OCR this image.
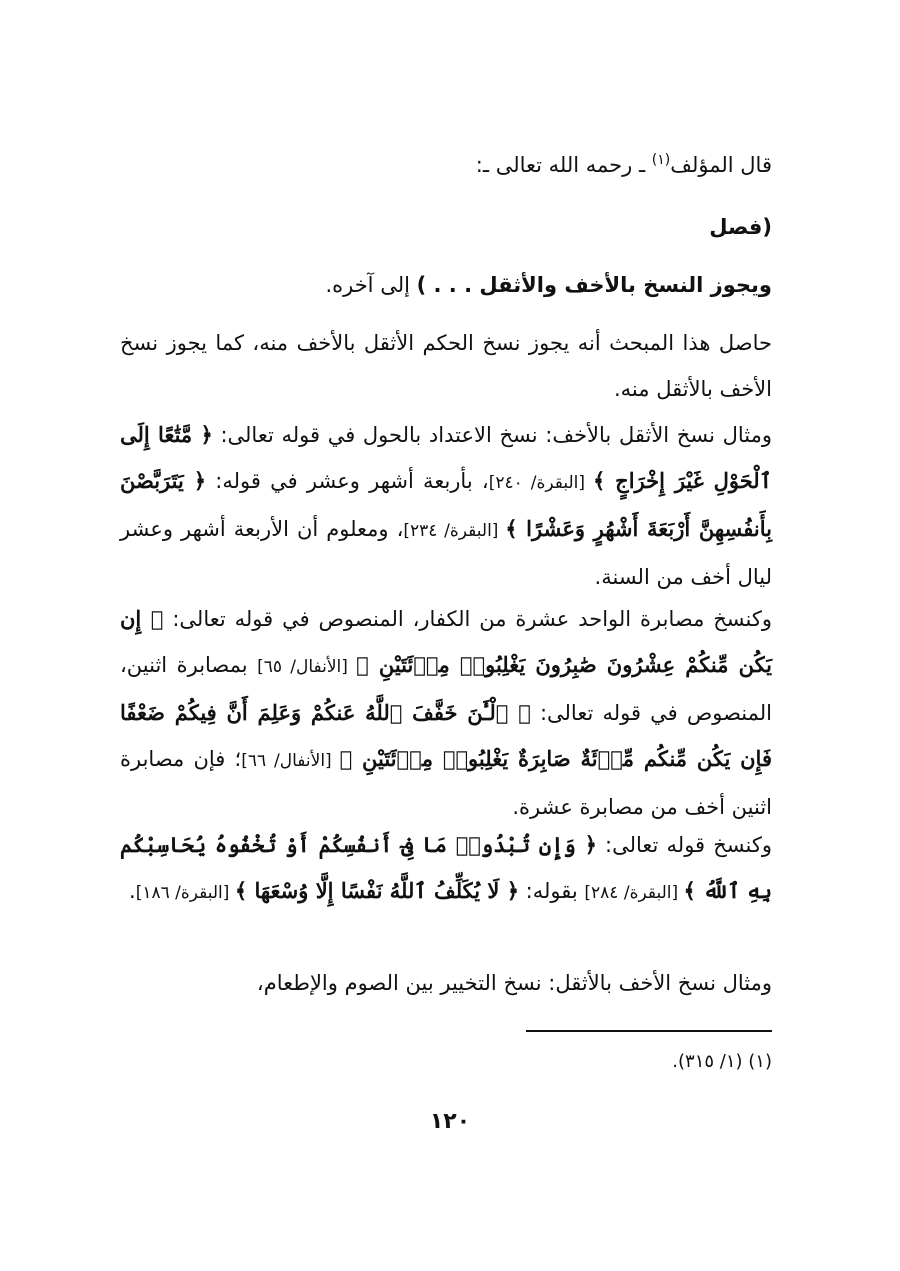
قال المؤلف$^{(١)}$ ـ رحمه الله تعالى ـ:
(فصل
ويجوز النسخ بالأخف والأثقل . . . ) إلى آخره.
حاصل هذا المبحث أنه يجوز نسخ الحكم الأثقل بالأخف منه، كما يجوز نسخ الأخف بالأثقل منه.
ومثال نسخ الأثقل بالأخف: نسخ الاعتداد بالحول في قوله تعالى: ﴿ مَّتَٰعًا إِلَى ٱلْحَوْلِ غَيْرَ إِخْرَاجٍ ﴾ [البقرة/ ٢٤٠]، بأربعة أشهر وعشر في قوله: ﴿ يَتَرَبَّصْنَ بِأَنفُسِهِنَّ أَرْبَعَةَ أَشْهُرٍ وَعَشْرًا ﴾ [البقرة/ ٢٣٤]، ومعلوم أن الأربعة أشهر وعشر ليال أخف من السنة.
وكنسخ مصابرة الواحد عشرة من الكفار، المنصوص في قوله تعالى: ﴿ إِن يَكُن مِّنكُمْ عِشْرُونَ صَٰبِرُونَ يَغْلِبُوا۟ مِا۟ئَتَيْنِ ﴾ [الأنفال/ ٦٥] بمصابرة اثنين، المنصوص في قوله تعالى: ﴿ ٱلْـَٰٔنَ خَفَّفَ ٱللَّهُ عَنكُمْ وَعَلِمَ أَنَّ فِيكُمْ ضَعْفًا فَإِن يَكُن مِّنكُم مِّا۟ئَةٌ صَابِرَةٌ يَغْلِبُوا۟ مِا۟ئَتَيْنِ ﴾ [الأنفال/ ٦٦]؛ فإن مصابرة اثنين أخف من مصابرة عشرة.
وكنسخ قوله تعالى: ﴿ وَإِن تُبْدُوا۟ مَا فِىٓ أَنفُسِكُمْ أَوْ تُخْفُوهُ يُحَاسِبْكُم بِهِ ٱللَّهُ ﴾ [البقرة/ ٢٨٤] بقوله: ﴿ لَا يُكَلِّفُ ٱللَّهُ نَفْسًا إِلَّا وُسْعَهَا ﴾ [البقرة/ ١٨٦].
ومثال نسخ الأخف بالأثقل: نسخ التخيير بين الصوم والإطعام،
(١) (١/ ٣١٥).
١٢٠
